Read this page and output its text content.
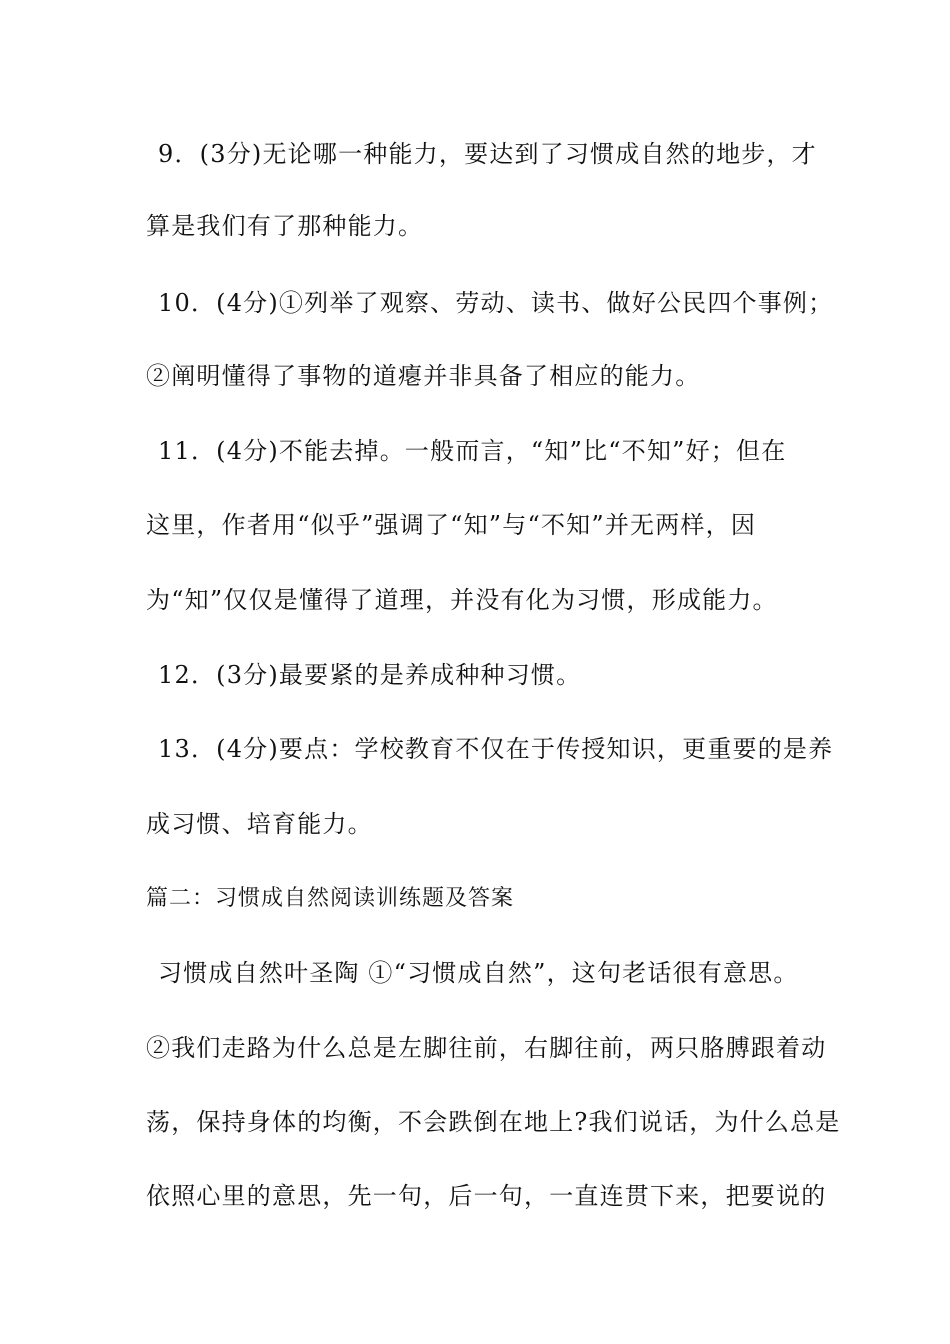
9．(3分)无论哪一种能力，要达到了习惯成自然的地步，才
算是我们有了那种能力。
10．(4分)①列举了观察、劳动、读书、做好公民四个事例；
②阐明懂得了事物的道瘪并非具备了相应的能力。
11．(4分)不能去掉。一般而言，“知”比“不知”好；但在
这里，作者用“似乎”强调了“知”与“不知”并无两样，因
为“知”仅仅是懂得了道理，并没有化为习惯，形成能力。
12．(3分)最要紧的是养成种种习惯。
13．(4分)要点：学校教育不仅在于传授知识，更重要的是养
成习惯、培育能力。
篇二：习惯成自然阅读训练题及答案
习惯成自然叶圣陶 ①“习惯成自然”，这句老话很有意思。
②我们走路为什么总是左脚往前，右脚往前，两只胳膊跟着动
荡，保持身体的均衡，不会跌倒在地上?我们说话，为什么总是
依照心里的意思，先一句，后一句，一直连贯下来，把要说的
